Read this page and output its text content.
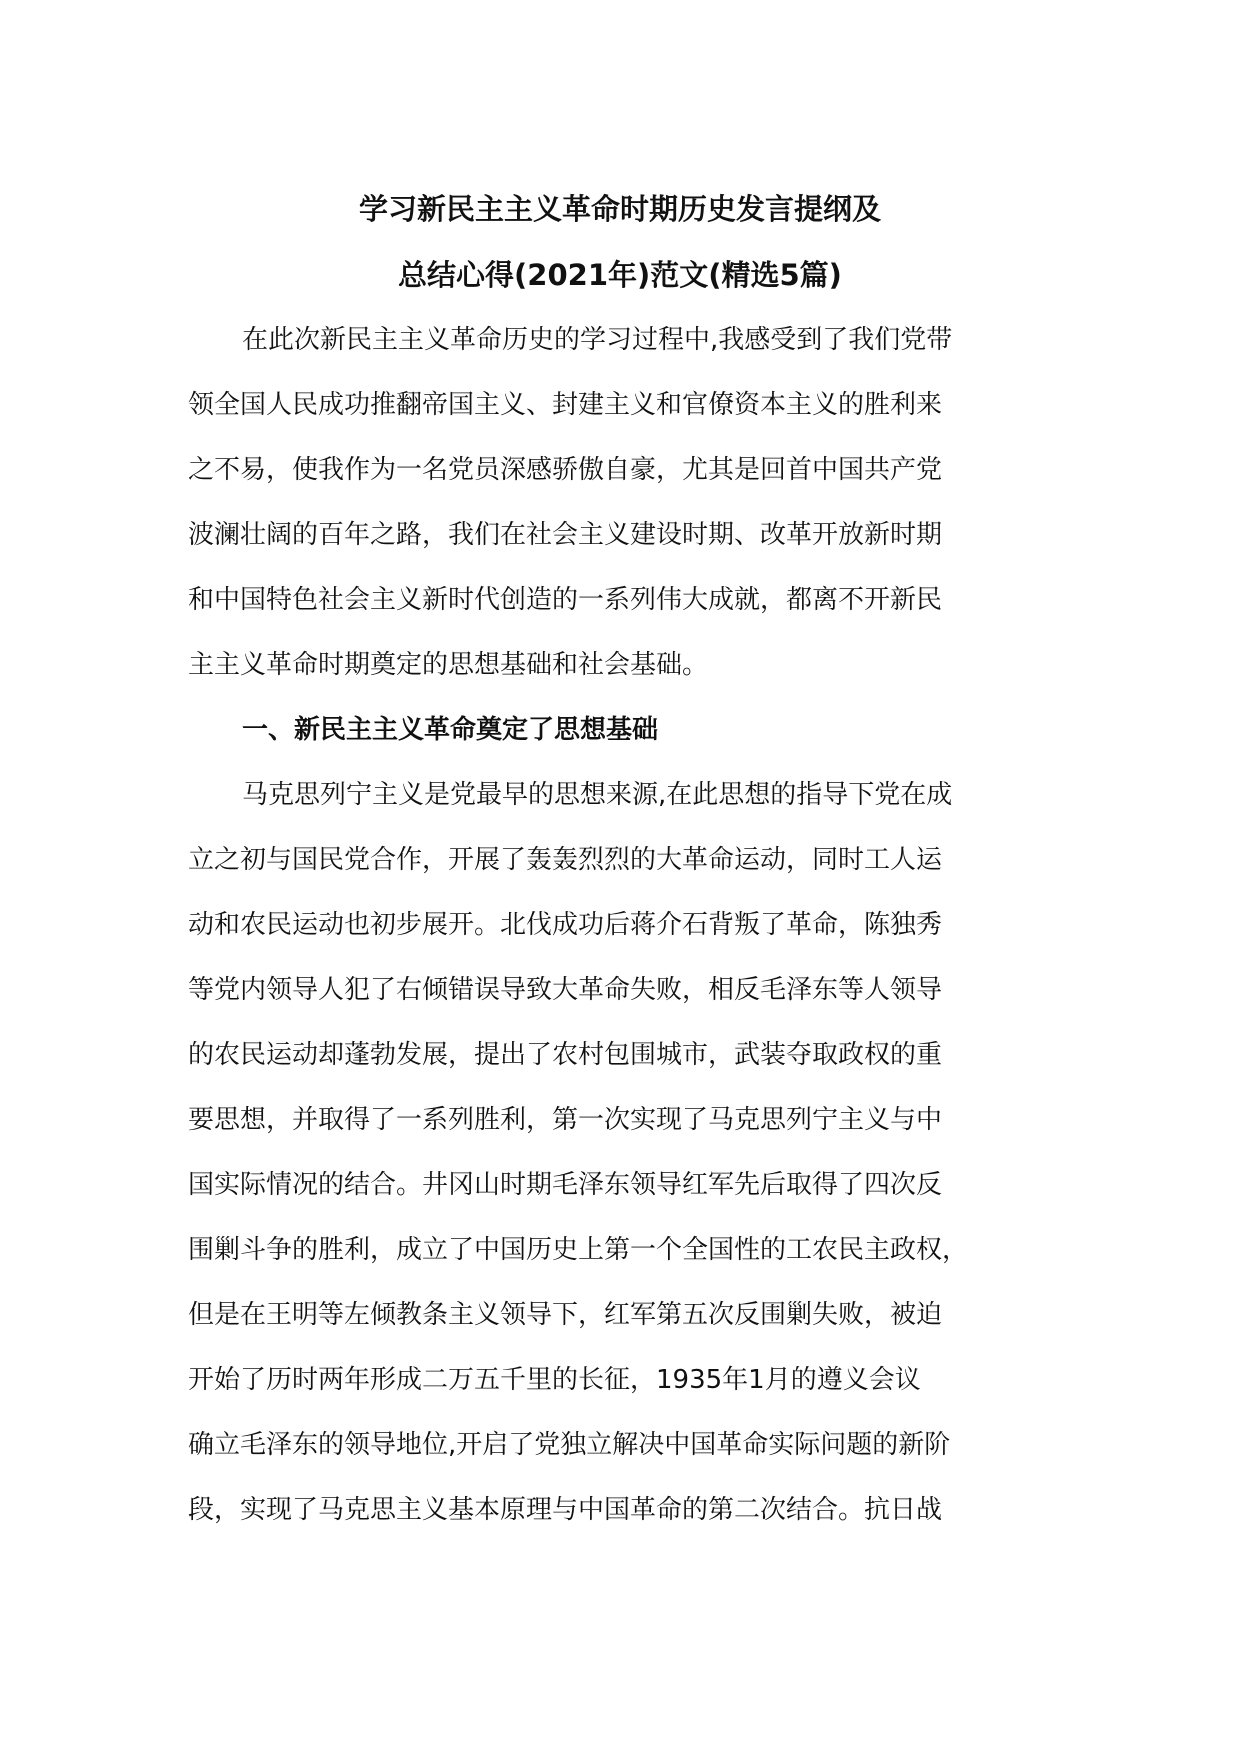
学习新民主主义革命时期历史发言提纲及
总结心得(2021年)范文(精选5篇)
在此次新民主主义革命历史的学习过程中,我感受到了我们党带
领全国人民成功推翻帝国主义、封建主义和官僚资本主义的胜利来
之不易，使我作为一名党员深感骄傲自豪，尤其是回首中国共产党
波澜壮阔的百年之路，我们在社会主义建设时期、改革开放新时期
和中国特色社会主义新时代创造的一系列伟大成就，都离不开新民
主主义革命时期奠定的思想基础和社会基础。
一、新民主主义革命奠定了思想基础
马克思列宁主义是党最早的思想来源,在此思想的指导下党在成
立之初与国民党合作，开展了轰轰烈烈的大革命运动，同时工人运
动和农民运动也初步展开。北伐成功后蒋介石背叛了革命，陈独秀
等党内领导人犯了右倾错误导致大革命失败，相反毛泽东等人领导
的农民运动却蓬勃发展，提出了农村包围城市，武装夺取政权的重
要思想，并取得了一系列胜利，第一次实现了马克思列宁主义与中
国实际情况的结合。井冈山时期毛泽东领导红军先后取得了四次反
围剿斗争的胜利，成立了中国历史上第一个全国性的工农民主政权，
但是在王明等左倾教条主义领导下，红军第五次反围剿失败，被迫
开始了历时两年形成二万五千里的长征，1935年1月的遵义会议
确立毛泽东的领导地位,开启了党独立解决中国革命实际问题的新阶
段，实现了马克思主义基本原理与中国革命的第二次结合。抗日战
